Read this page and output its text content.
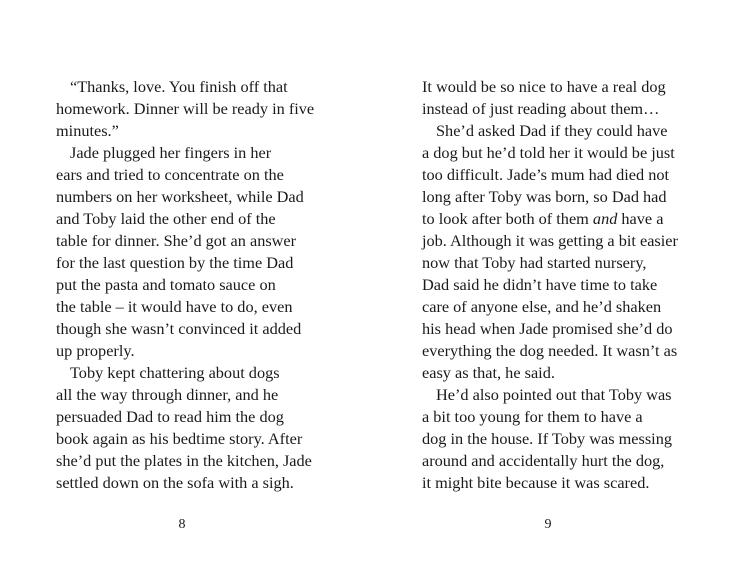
“Thanks, love. You finish off that
homework. Dinner will be ready in five
minutes.”
Jade plugged her fingers in her
ears and tried to concentrate on the
numbers on her worksheet, while Dad
and Toby laid the other end of the
table for dinner. She’d got an answer
for the last question by the time Dad
put the pasta and tomato sauce on
the table – it would have to do, even
though she wasn’t convinced it added
up properly.
Toby kept chattering about dogs
all the way through dinner, and he
persuaded Dad to read him the dog
book again as his bedtime story. After
she’d put the plates in the kitchen, Jade
settled down on the sofa with a sigh.
It would be so nice to have a real dog
instead of just reading about them…
She’d asked Dad if they could have
a dog but he’d told her it would be just
too difficult. Jade’s mum had died not
long after Toby was born, so Dad had
to look after both of them and have a
job. Although it was getting a bit easier
now that Toby had started nursery,
Dad said he didn’t have time to take
care of anyone else, and he’d shaken
his head when Jade promised she’d do
everything the dog needed. It wasn’t as
easy as that, he said.
He’d also pointed out that Toby was
a bit too young for them to have a
dog in the house. If Toby was messing
around and accidentally hurt the dog,
it might bite because it was scared.
8	9
